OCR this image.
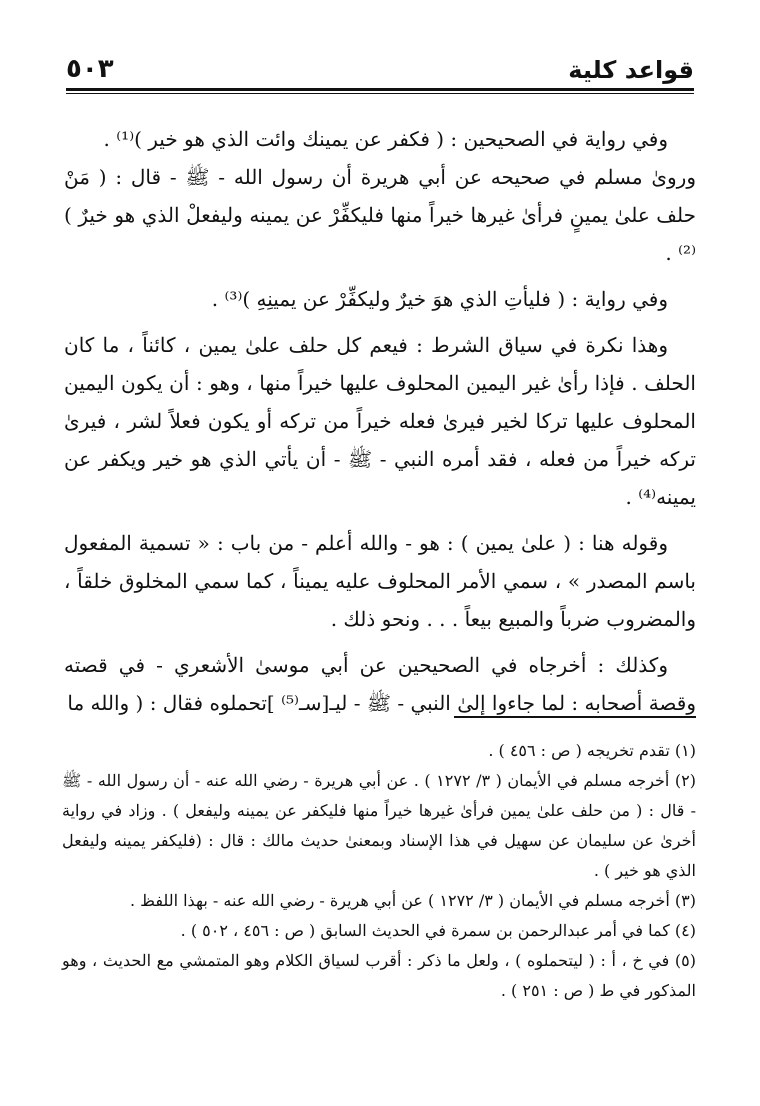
قواعد كلية
٥٠٣

وفي رواية في الصحيحين : ( فكفر عن يمينك وائت الذي هو خير )⁽¹⁾ .
وروىٰ مسلم في صحيحه عن أبي هريرة أن رسول الله - ﷺ - قال : ( مَنْ حلف علىٰ يمينٍ فرأىٰ غيرها خيراً منها فليكفِّرْ عن يمينه وليفعلْ الذي هو خيرٌ )⁽²⁾ .

وفي رواية : ( فليأتِ الذي هوَ خيرٌ وليكفِّرْ عن يمينِهِ )⁽³⁾ .

وهذا نكرة في سياق الشرط : فيعم كل حلف علىٰ يمين ، كائناً ، ما كان الحلف . فإذا رأىٰ غير اليمين المحلوف عليها خيراً منها ، وهو : أن يكون اليمين المحلوف عليها تركا لخير فيرىٰ فعله خيراً من تركه أو يكون فعلاً لشر ، فيرىٰ تركه خيراً من فعله ، فقد أمره النبي - ﷺ - أن يأتي الذي هو خير ويكفر عن يمينه⁽⁴⁾ .

وقوله هنا : ( علىٰ يمين ) : هو - والله أعلم - من باب : « تسمية المفعول باسم المصدر » ، سمي الأمر المحلوف عليه يميناً ، كما سمي المخلوق خلقاً ، والمضروب ضرباً والمبيع بيعاً . . . ونحو ذلك .

وكذلك : أخرجاه في الصحيحين عن أبي موسىٰ الأشعري - في قصته وقصة أصحابه : لما جاءوا إلىٰ النبي - ﷺ - ليـ[سـ⁽⁵⁾ ]تحملوه فقال : ( والله ما

(١) تقدم تخريجه ( ص : ٤٥٦ ) .

(٢) أخرجه مسلم في الأيمان ( ٣/ ١٢٧٢ ) . عن أبي هريرة - رضي الله عنه - أن رسول الله - ﷺ - قال : ( من حلف علىٰ يمين فرأىٰ غيرها خيراً منها فليكفر عن يمينه وليفعل ) . وزاد في رواية أخرىٰ عن سليمان عن سهيل في هذا الإسناد وبمعنىٰ حديث مالك : قال : (فليكفر يمينه وليفعل الذي هو خير ) .

(٣) أخرجه مسلم في الأيمان ( ٣/ ١٢٧٢ ) عن أبي هريرة - رضي الله عنه - بهذا اللفظ .

(٤) كما في أمر عبدالرحمن بن سمرة في الحديث السابق ( ص : ٤٥٦ ، ٥٠٢ ) .

(٥) في خ ، أ : ( ليتحملوه ) ، ولعل ما ذكر : أقرب لسياق الكلام وهو المتمشي مع الحديث ، وهو المذكور في ط ( ص : ٢٥١ ) .
